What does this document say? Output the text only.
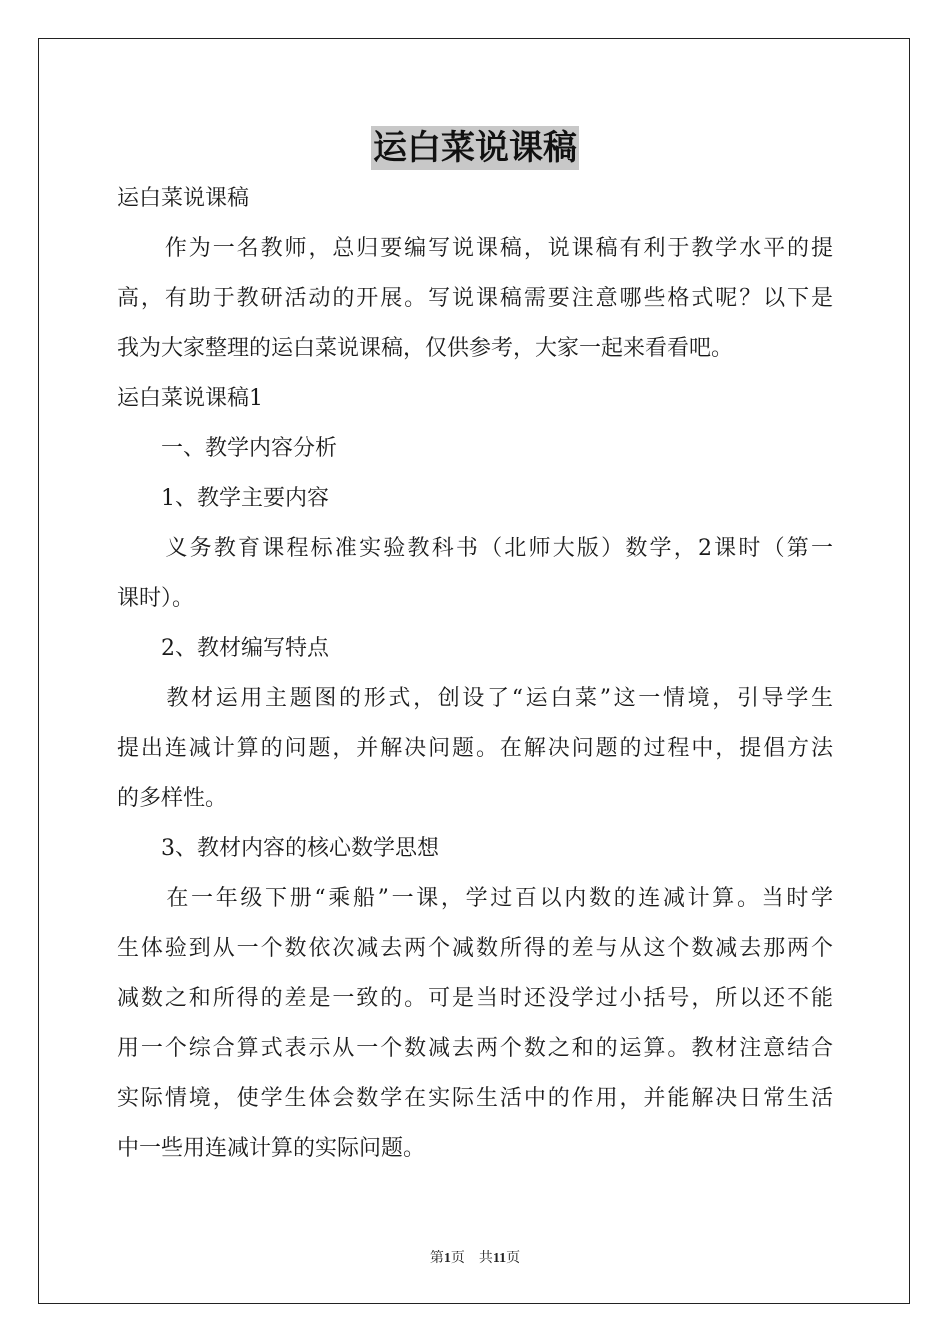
运白菜说课稿
运白菜说课稿
　　作为一名教师，总归要编写说课稿，说课稿有利于教学水平的提
高，有助于教研活动的开展。写说课稿需要注意哪些格式呢？以下是
我为大家整理的运白菜说课稿，仅供参考，大家一起来看看吧。
运白菜说课稿1
　　一、教学内容分析
　　1、教学主要内容
　　义务教育课程标准实验教科书（北师大版）数学，2课时（第一
课时）。
　　2、教材编写特点
　　教材运用主题图的形式，创设了“运白菜”这一情境，引导学生
提出连减计算的问题，并解决问题。在解决问题的过程中，提倡方法
的多样性。
　　3、教材内容的核心数学思想
　　在一年级下册“乘船”一课，学过百以内数的连减计算。当时学
生体验到从一个数依次减去两个减数所得的差与从这个数减去那两个
减数之和所得的差是一致的。可是当时还没学过小括号，所以还不能
用一个综合算式表示从一个数减去两个数之和的运算。教材注意结合
实际情境，使学生体会数学在实际生活中的作用，并能解决日常生活
中一些用连减计算的实际问题。
第1页 共11页
